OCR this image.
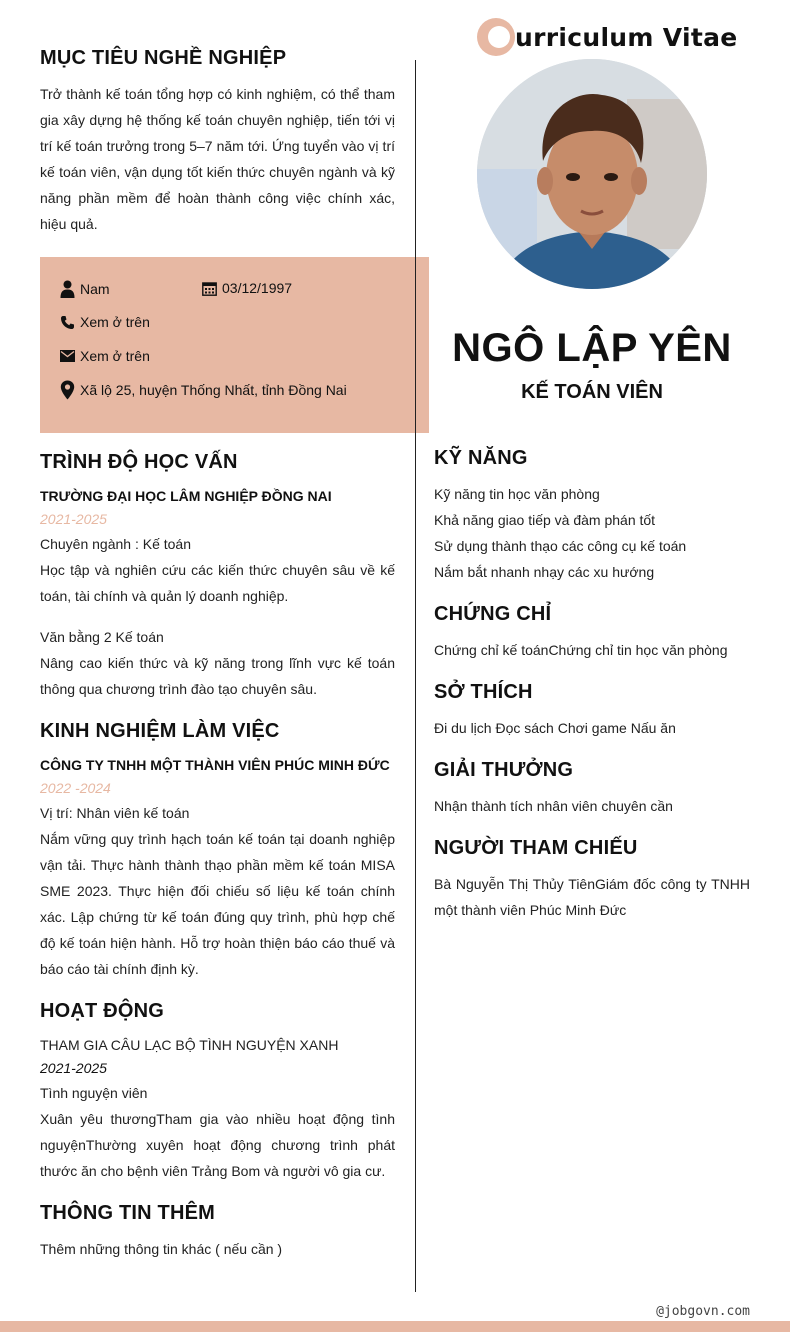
urriculum Vitae
NGÔ LẬP YÊN
KẾ TOÁN VIÊN
MỤC TIÊU NGHỀ NGHIỆP

Trở thành kế toán tổng hợp có kinh nghiệm, có thể tham gia xây dựng hệ thống kế toán chuyên nghiệp, tiến tới vị trí kế toán trưởng trong 5–7 năm tới. Ứng tuyển vào vị trí kế toán viên, vận dụng tốt kiến thức chuyên ngành và kỹ năng phần mềm để hoàn thành công việc chính xác, hiệu quả.

Nam	03/12/1997
Xem ở trên
Xem ở trên
Xã lộ 25, huyện Thống Nhất, tỉnh Đồng Nai
TRÌNH ĐỘ HỌC VẤN
TRƯỜNG ĐẠI HỌC LÂM NGHIỆP ĐỒNG NAI
2021-2025
Chuyên ngành : Kế toán

Học tập và nghiên cứu các kiến thức chuyên sâu về kế toán, tài chính và quản lý doanh nghiệp.

Văn bằng 2 Kế toán

Nâng cao kiến thức và kỹ năng trong lĩnh vực kế toán thông qua chương trình đào tạo chuyên sâu.

KINH NGHIỆM LÀM VIỆC
CÔNG TY TNHH MỘT THÀNH VIÊN PHÚC MINH ĐỨC
2022 -2024
Vị trí: Nhân viên kế toán

Nắm vững quy trình hạch toán kế toán tại doanh nghiệp vận tải. Thực hành thành thạo phần mềm kế toán MISA SME 2023. Thực hiện đối chiếu số liệu kế toán chính xác. Lập chứng từ kế toán đúng quy trình, phù hợp chế độ kế toán hiện hành. Hỗ trợ hoàn thiện báo cáo thuế và báo cáo tài chính định kỳ.

HOẠT ĐỘNG
THAM GIA CÂU LẠC BỘ TÌNH NGUYỆN XANH
2021-2025
Tình nguyện viên

Xuân yêu thươngTham gia vào nhiều hoạt động tình nguyệnThường xuyên hoạt động chương trình phát thước ăn cho bệnh viên Trảng Bom và người vô gia cư.

THÔNG TIN THÊM
Thêm những thông tin khác ( nếu cần )
KỸ NĂNG
Kỹ năng tin học văn phòng
Khả năng giao tiếp và đàm phán tốt
Sử dụng thành thạo các công cụ kế toán
Nắm bắt nhanh nhạy các xu hướng
CHỨNG CHỈ
Chứng chỉ kế toánChứng chỉ tin học văn phòng
SỞ THÍCH
Đi du lịch Đọc sách Chơi game Nấu ăn
GIẢI THƯỞNG
Nhận thành tích nhân viên chuyên cần
NGƯỜI THAM CHIẾU

Bà Nguyễn Thị Thủy TiênGiám đốc công ty TNHH một thành viên Phúc Minh Đức

@jobgovn.com
